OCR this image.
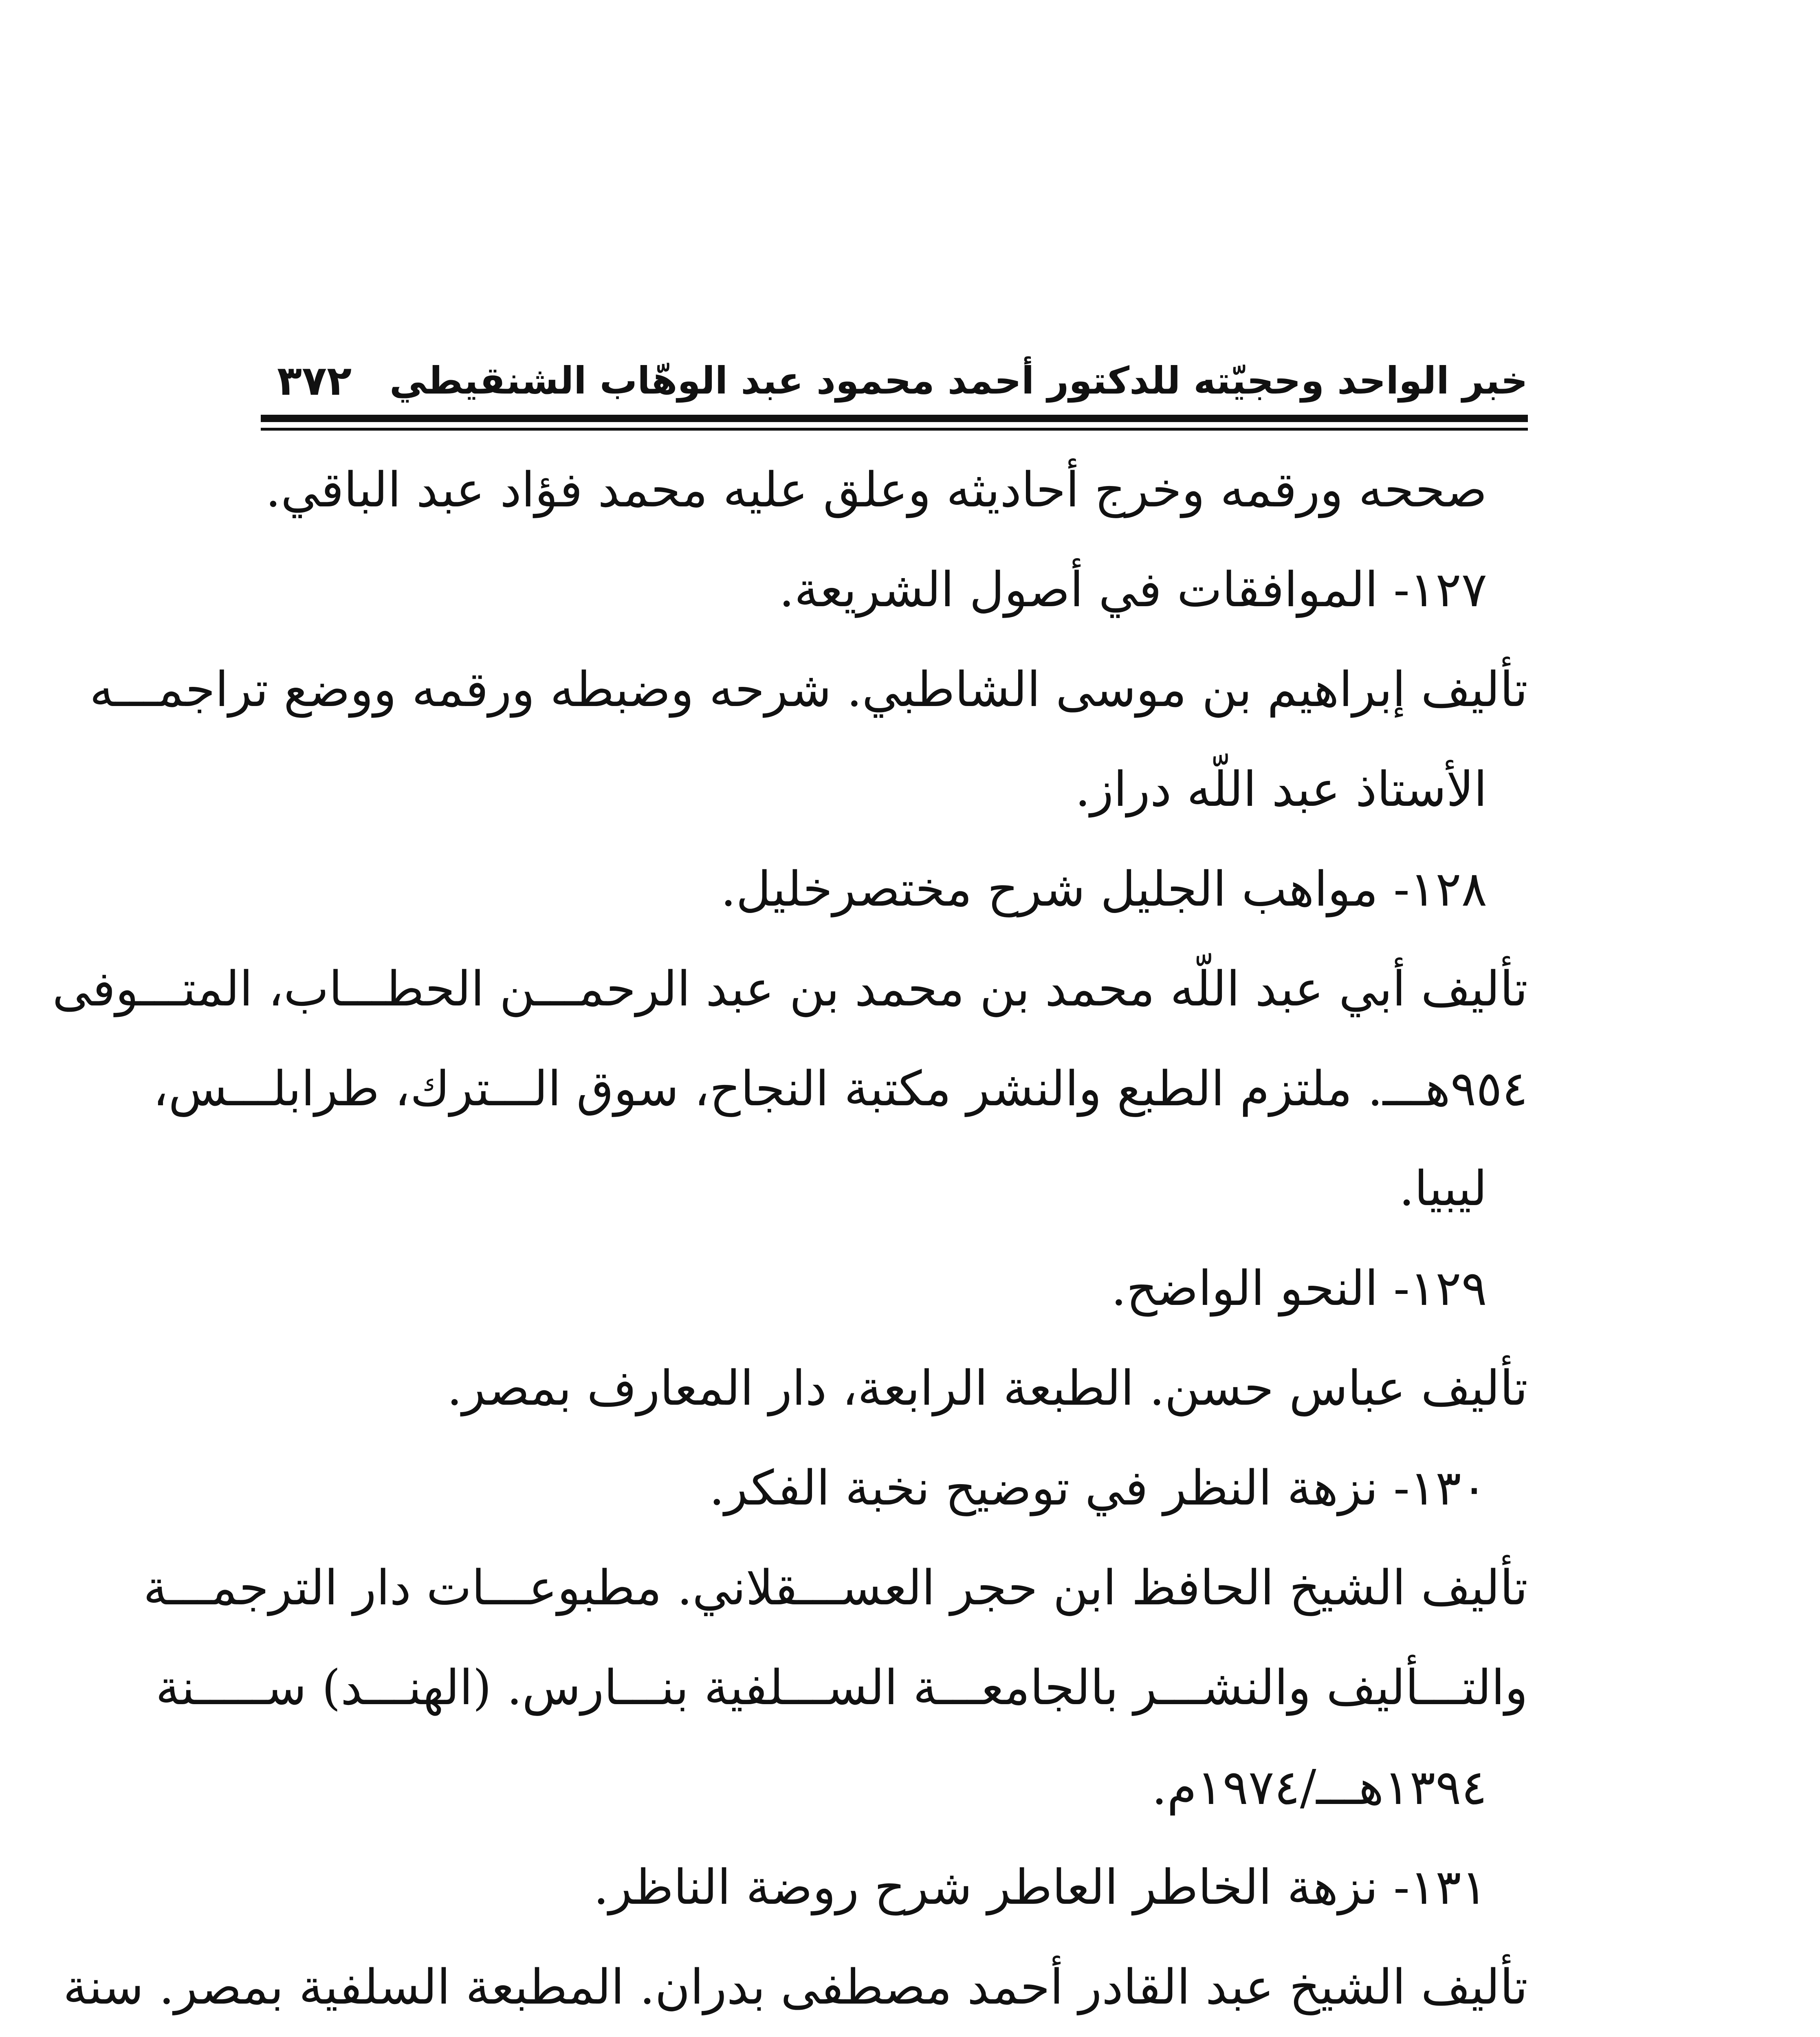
خبر الواحد وحجيّته للدكتور أحمد محمود عبد الوهّاب الشنقيطي
٣٧٢
صححه ورقمه وخرج أحاديثه وعلق عليه محمد فؤاد عبد الباقي.
١٢٧- الموافقات في أصول الشريعة.
تأليف إبراهيم بن موسى الشاطبي. شرحه وضبطه ورقمه ووضع تراجمـــه
الأستاذ عبد اللّه دراز.
١٢٨- مواهب الجليل شرح مختصرخليل.
تأليف أبي عبد اللّه محمد بن محمد بن عبد الرحمـــن الحطـــاب، المتـــوفى
٩٥٤هـــ. ملتزم الطبع والنشر مكتبة النجاح، سوق الـــترك، طرابلـــس،
ليبيا.
١٢٩- النحو الواضح.
تأليف عباس حسن. الطبعة الرابعة، دار المعارف بمصر.
١٣٠- نزهة النظر في توضيح نخبة الفكر.
تأليف الشيخ الحافظ ابن حجر العســـقلاني. مطبوعـــات دار الترجمـــة
والتـــأليف والنشـــر بالجامعـــة الســـلفية بنـــارس. (الهنـــد) ســـــنة
١٣٩٤هـــ/١٩٧٤م.
١٣١- نزهة الخاطر العاطر شرح روضة الناظر.
تأليف الشيخ عبد القادر أحمد مصطفى بدران. المطبعة السلفية بمصر. سنة
